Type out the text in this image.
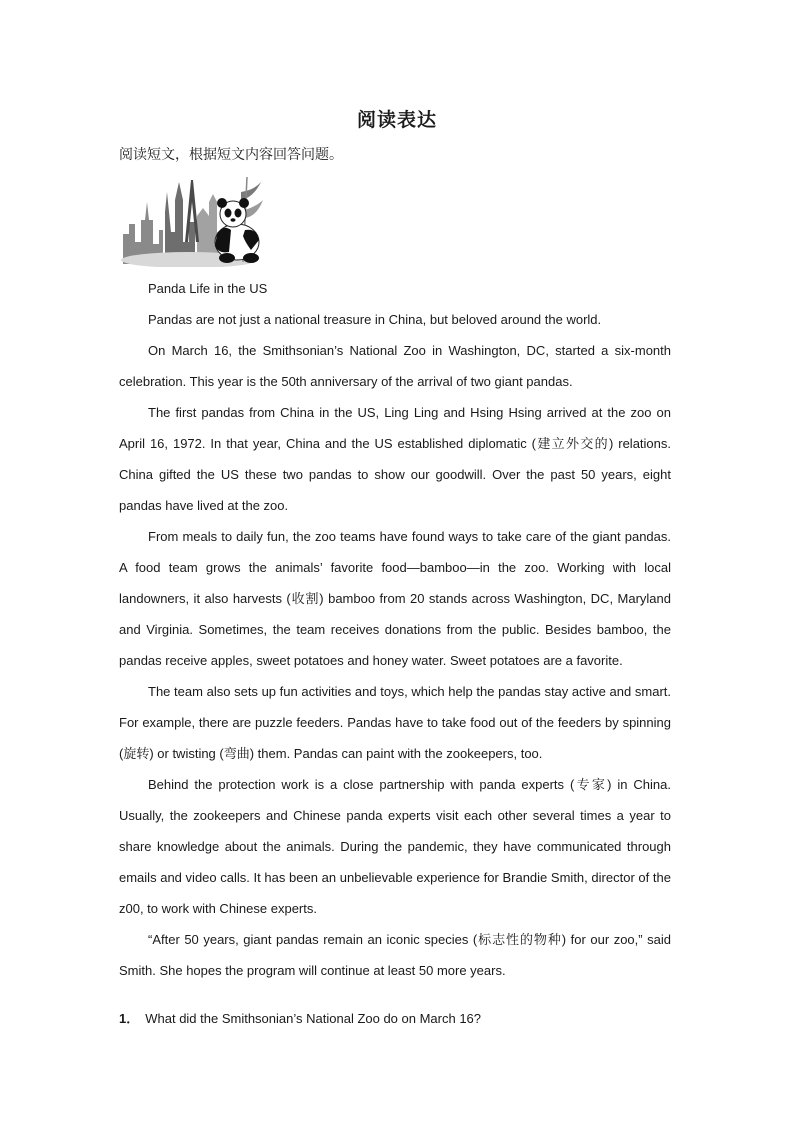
阅读表达
阅读短文，根据短文内容回答问题。

Panda Life in the US

Pandas are not just a national treasure in China, but beloved around the world.

On March 16, the Smithsonian’s National Zoo in Washington, DC, started a six-month celebration. This year is the 50th anniversary of the arrival of two giant pandas.

The first pandas from China in the US, Ling Ling and Hsing Hsing arrived at the zoo on April 16, 1972. In that year, China and the US established diplomatic (建立外交的) relations. China gifted the US these two pandas to show our goodwill. Over the past 50 years, eight pandas have lived at the zoo.

From meals to daily fun, the zoo teams have found ways to take care of the giant pandas. A food team grows the animals’ favorite food—bamboo—in the zoo. Working with local landowners, it also harvests (收割) bamboo from 20 stands across Washington, DC, Maryland and Virginia. Sometimes, the team receives donations from the public. Besides bamboo, the pandas receive apples, sweet potatoes and honey water. Sweet potatoes are a favorite.

The team also sets up fun activities and toys, which help the pandas stay active and smart. For example, there are puzzle feeders. Pandas have to take food out of the feeders by spinning (旋转) or twisting (弯曲) them. Pandas can paint with the zookeepers, too.

Behind the protection work is a close partnership with panda experts (专家) in China. Usually, the zookeepers and Chinese panda experts visit each other several times a year to share knowledge about the animals. During the pandemic, they have communicated through emails and video calls. It has been an unbelievable experience for Brandie Smith, director of the z00, to work with Chinese experts.

“After 50 years, giant pandas remain an iconic species (标志性的物种) for our zoo,” said Smith. She hopes the program will continue at least 50 more years.

1． What did the Smithsonian’s National Zoo do on March 16?
